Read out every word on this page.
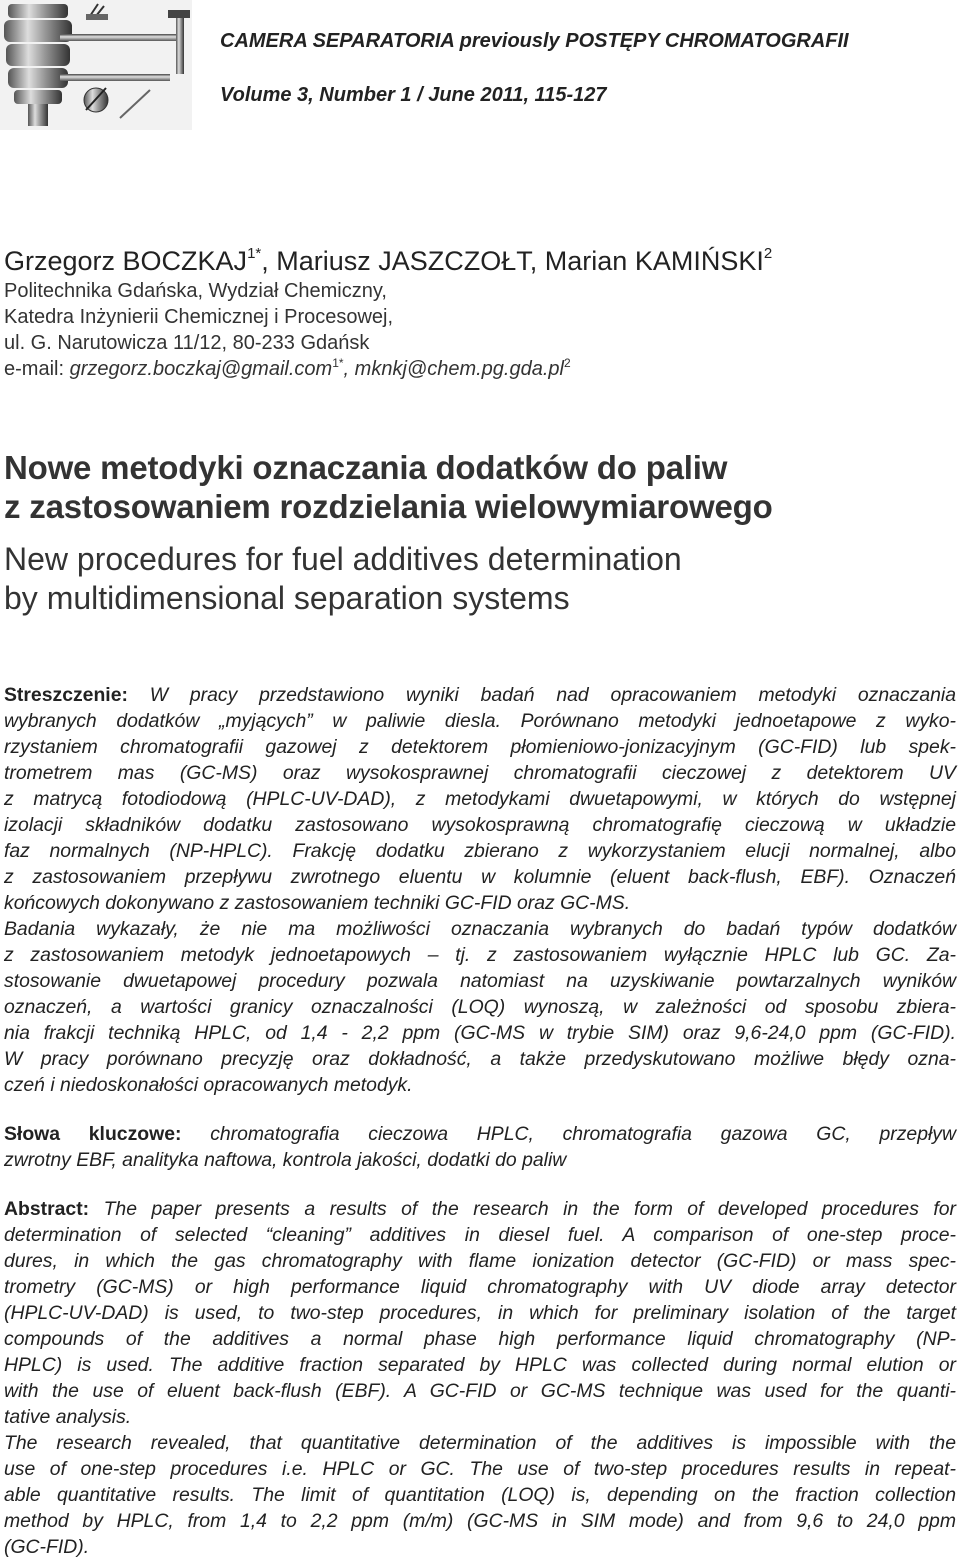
CAMERA SEPARATORIA previously POSTĘPY CHROMATOGRAFII
Volume 3, Number 1 / June 2011, 115-127
Grzegorz $BOCZKAJ^{1*}$, Mariusz JASZCZOŁT, Marian KAMIŃSKI$^2$
Politechnika Gdańska, Wydział Chemiczny,
Katedra Inżynierii Chemicznej i Procesowej,
ul. G. Narutowicza 11/12, 80-233 Gdańsk
e-mail: grzegorz.boczkaj@gmail.com$^{1*}$, $mknkj@chem.pg.gda.pl^2$
Nowe metodyki oznaczania dodatków do paliw
z zastosowaniem rozdzielania wielowymiarowego
New procedures for fuel additives determination
by multidimensional separation systems
Streszczenie: W pracy przedstawiono wyniki badań nad opracowaniem metodyki oznaczania
wybranych dodatków „myjących” w paliwie diesla. Porównano metodyki jednoetapowe z wyko-
rzystaniem chromatografii gazowej z detektorem płomieniowo-jonizacyjnym (GC-FID) lub spek-
trometrem mas (GC-MS) oraz wysokosprawnej chromatografii cieczowej z detektorem UV
z matrycą fotodiodową (HPLC-UV-DAD), z metodykami dwuetapowymi, w których do wstępnej
izolacji składników dodatku zastosowano wysokosprawną chromatografię cieczową w układzie
faz normalnych (NP-HPLC). Frakcję dodatku zbierano z wykorzystaniem elucji normalnej, albo
z zastosowaniem przepływu zwrotnego eluentu w kolumnie (eluent back-flush, EBF). Oznaczeń
końcowych dokonywano z zastosowaniem techniki GC-FID oraz GC-MS.
Badania wykazały, że nie ma możliwości oznaczania wybranych do badań typów dodatków
z zastosowaniem metodyk jednoetapowych – tj. z zastosowaniem wyłącznie HPLC lub GC. Za-
stosowanie dwuetapowej procedury pozwala natomiast na uzyskiwanie powtarzalnych wyników
oznaczeń, a wartości granicy oznaczalności (LOQ) wynoszą, w zależności od sposobu zbiera-
nia frakcji techniką HPLC, od 1,4 - 2,2 ppm (GC-MS w trybie SIM) oraz 9,6-24,0 ppm (GC-FID).
W pracy porównano precyzję oraz dokładność, a także przedyskutowano możliwe błędy ozna-
czeń i niedoskonałości opracowanych metodyk.
Słowa kluczowe: chromatografia cieczowa HPLC, chromatografia gazowa GC, przepływ
zwrotny EBF, analityka naftowa, kontrola jakości, dodatki do paliw
Abstract: The paper presents a results of the research in the form of developed procedures for
determination of selected “cleaning” additives in diesel fuel. A comparison of one-step proce-
dures, in which the gas chromatography with flame ionization detector (GC-FID) or mass spec-
trometry (GC-MS) or high performance liquid chromatography with UV diode array detector
(HPLC-UV-DAD) is used, to two-step procedures, in which for preliminary isolation of the target
compounds of the additives a normal phase high performance liquid chromatography (NP-
HPLC) is used. The additive fraction separated by HPLC was collected during normal elution or
with the use of eluent back-flush (EBF). A GC-FID or GC-MS technique was used for the quanti-
tative analysis.
The research revealed, that quantitative determination of the additives is impossible with the
use of one-step procedures i.e. HPLC or GC. The use of two-step procedures results in repeat-
able quantitative results. The limit of quantitation (LOQ) is, depending on the fraction collection
method by HPLC, from 1,4 to 2,2 ppm (m/m) (GC-MS in SIM mode) and from 9,6 to 24,0 ppm
(GC-FID).
